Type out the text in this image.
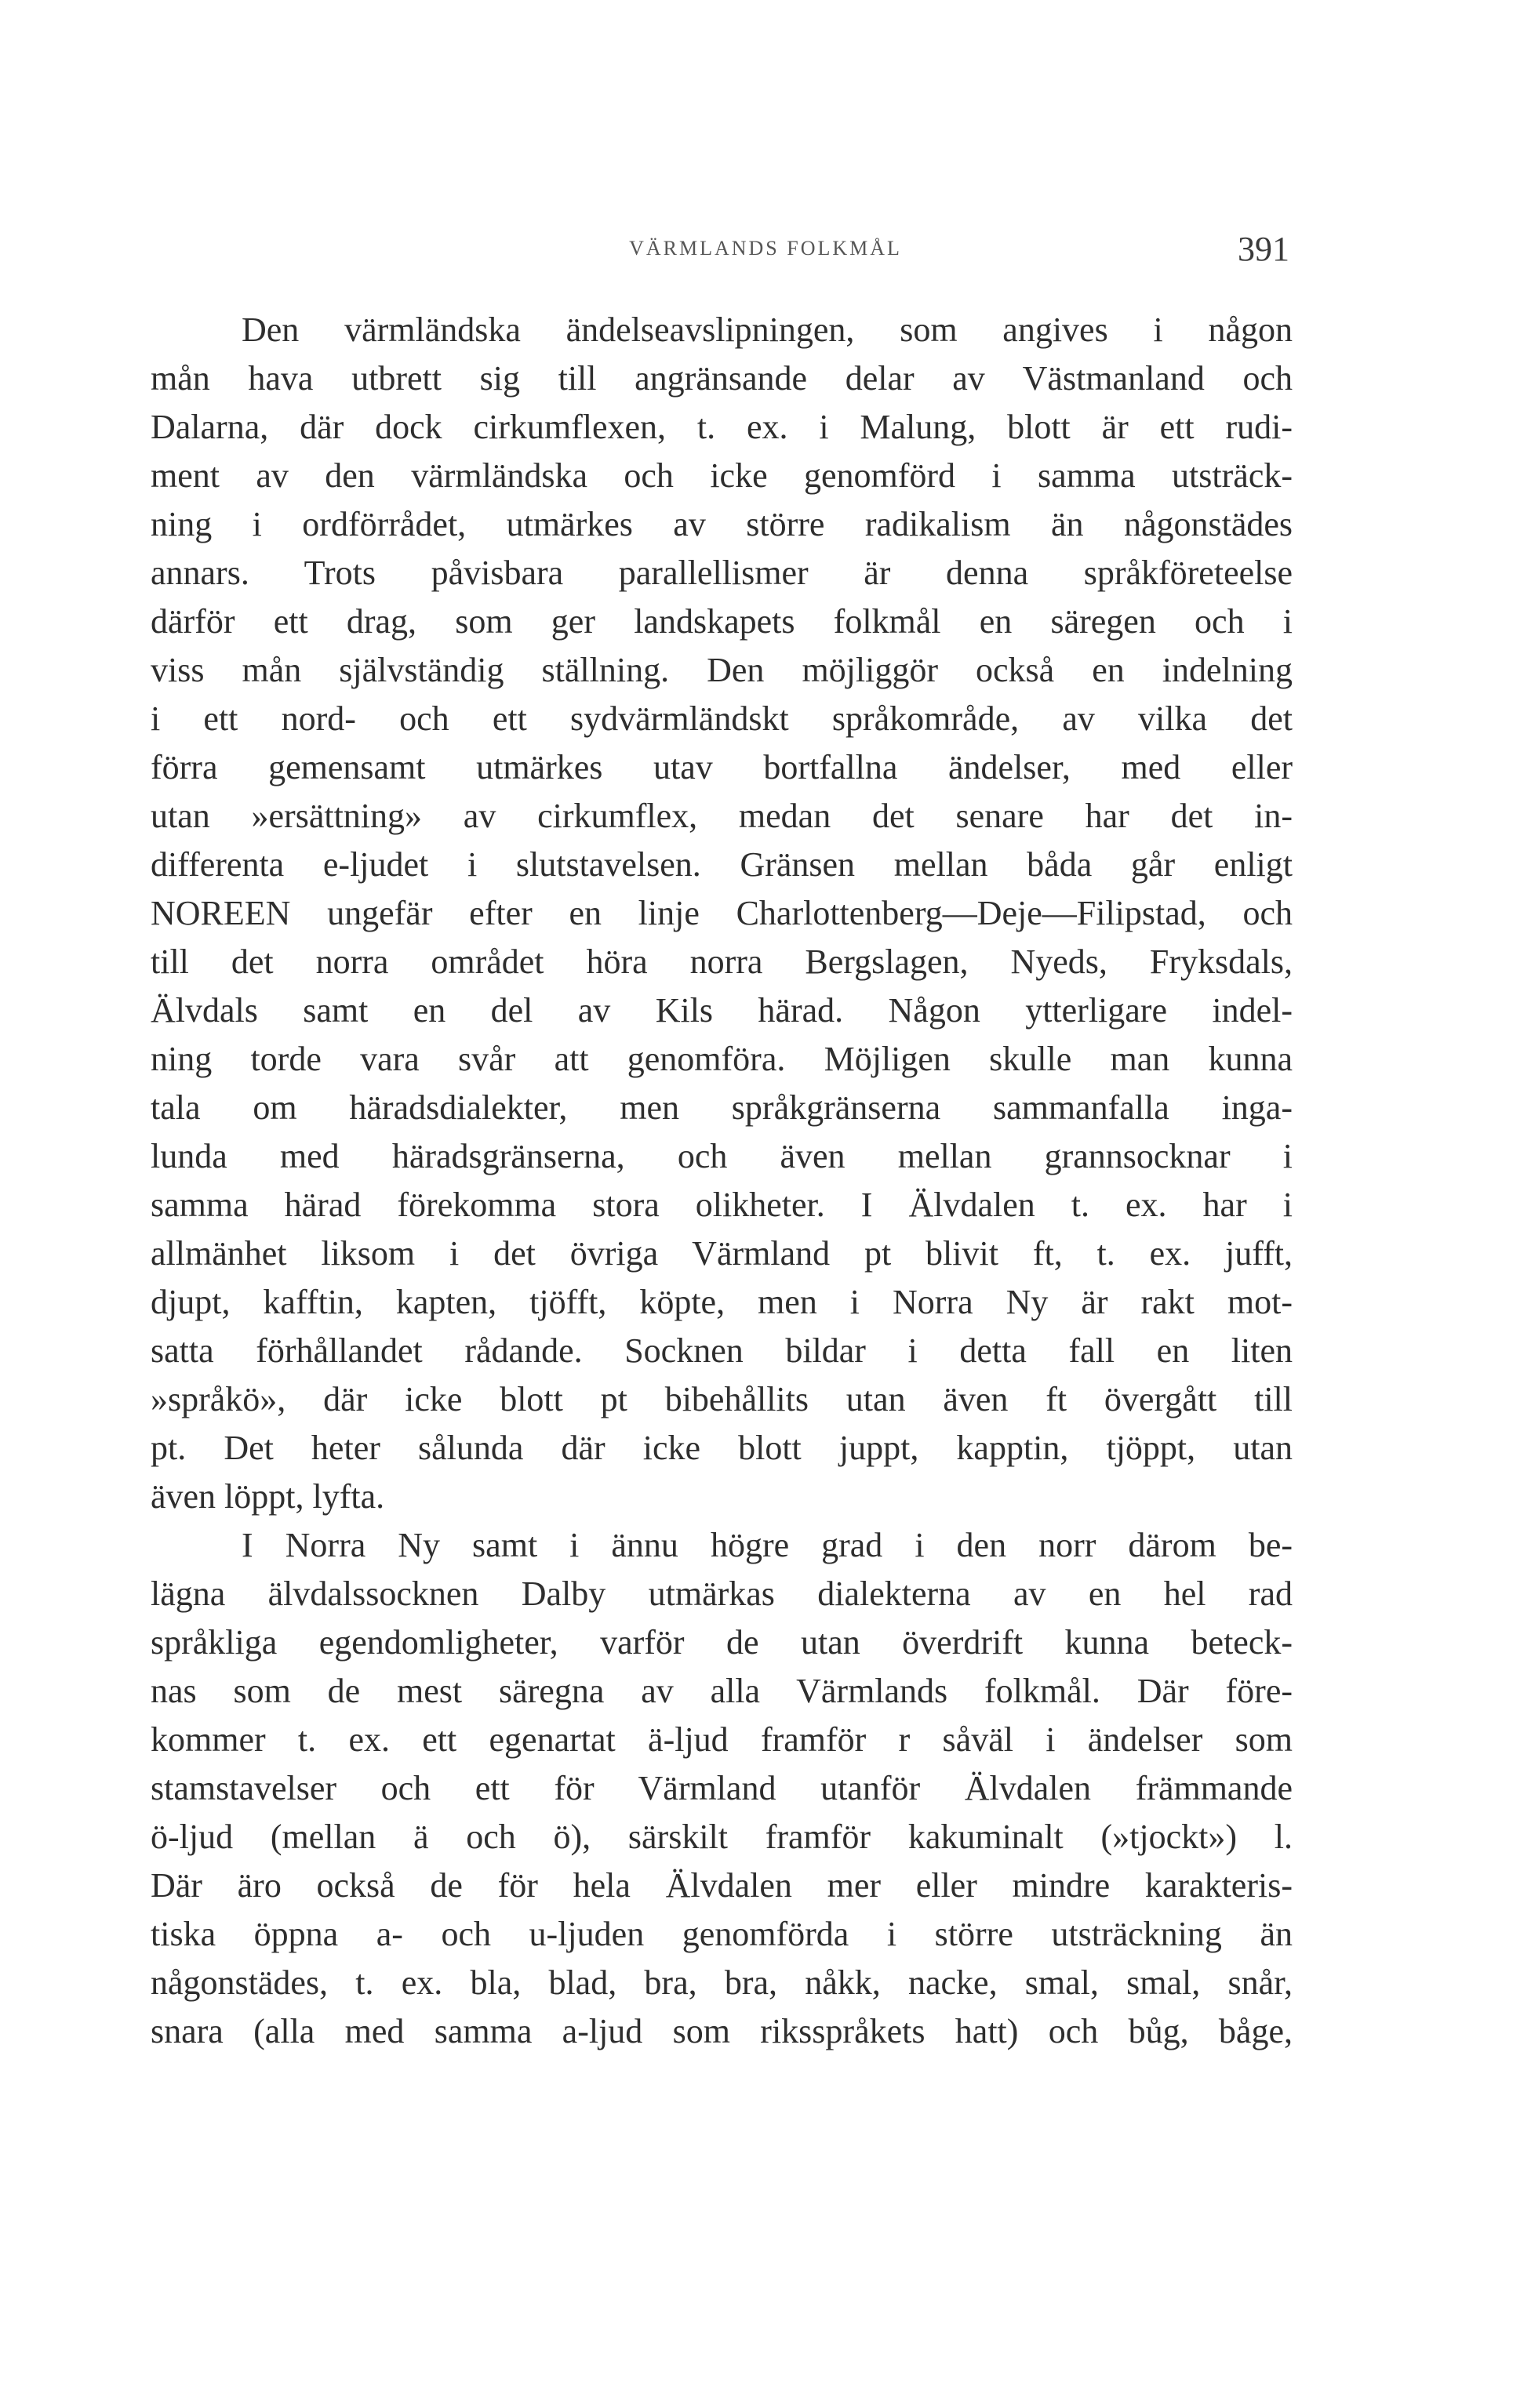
VÄRMLANDS FOLKMÅL	391
Den värmländska ändelseavslipningen, som angives i någon
mån hava utbrett sig till angränsande delar av Västmanland och
Dalarna, där dock cirkumflexen, t. ex. i Malung, blott är ett rudi-
ment av den värmländska och icke genomförd i samma utsträck-
ning i ordförrådet, utmärkes av större radikalism än någonstädes
annars. Trots påvisbara parallellismer är denna språkföreteelse
därför ett drag, som ger landskapets folkmål en säregen och i
viss mån självständig ställning. Den möjliggör också en indelning
i ett nord- och ett sydvärmländskt språkområde, av vilka det
förra gemensamt utmärkes utav bortfallna ändelser, med eller
utan »ersättning» av cirkumflex, medan det senare har det in-
differenta e-ljudet i slutstavelsen. Gränsen mellan båda går enligt
NOREEN ungefär efter en linje Charlottenberg—Deje—Filipstad, och
till det norra området höra norra Bergslagen, Nyeds, Fryksdals,
Älvdals samt en del av Kils härad. Någon ytterligare indel-
ning torde vara svår att genomföra. Möjligen skulle man kunna
tala om häradsdialekter, men språkgränserna sammanfalla inga-
lunda med häradsgränserna, och även mellan grannsocknar i
samma härad förekomma stora olikheter. I Älvdalen t. ex. har i
allmänhet liksom i det övriga Värmland pt blivit ft, t. ex. jufft,
djupt, kafftin, kapten, tjöfft, köpte, men i Norra Ny är rakt mot-
satta förhållandet rådande. Socknen bildar i detta fall en liten
»språkö», där icke blott pt bibehållits utan även ft övergått till
pt. Det heter sålunda där icke blott juppt, kapptin, tjöppt, utan
även löppt, lyfta.
I Norra Ny samt i ännu högre grad i den norr därom be-
lägna älvdalssocknen Dalby utmärkas dialekterna av en hel rad
språkliga egendomligheter, varför de utan överdrift kunna beteck-
nas som de mest säregna av alla Värmlands folkmål. Där före-
kommer t. ex. ett egenartat ä-ljud framför r såväl i ändelser som
stamstavelser och ett för Värmland utanför Älvdalen främmande
ö-ljud (mellan ä och ö), särskilt framför kakuminalt (»tjockt») l.
Där äro också de för hela Älvdalen mer eller mindre karakteris-
tiska öppna a- och u-ljuden genomförda i större utsträckning än
någonstädes, t. ex. bla, blad, bra, bra, nåkk, nacke, smal, smal, snår,
snara (alla med samma a-ljud som riksspråkets hatt) och bůg, båge,
